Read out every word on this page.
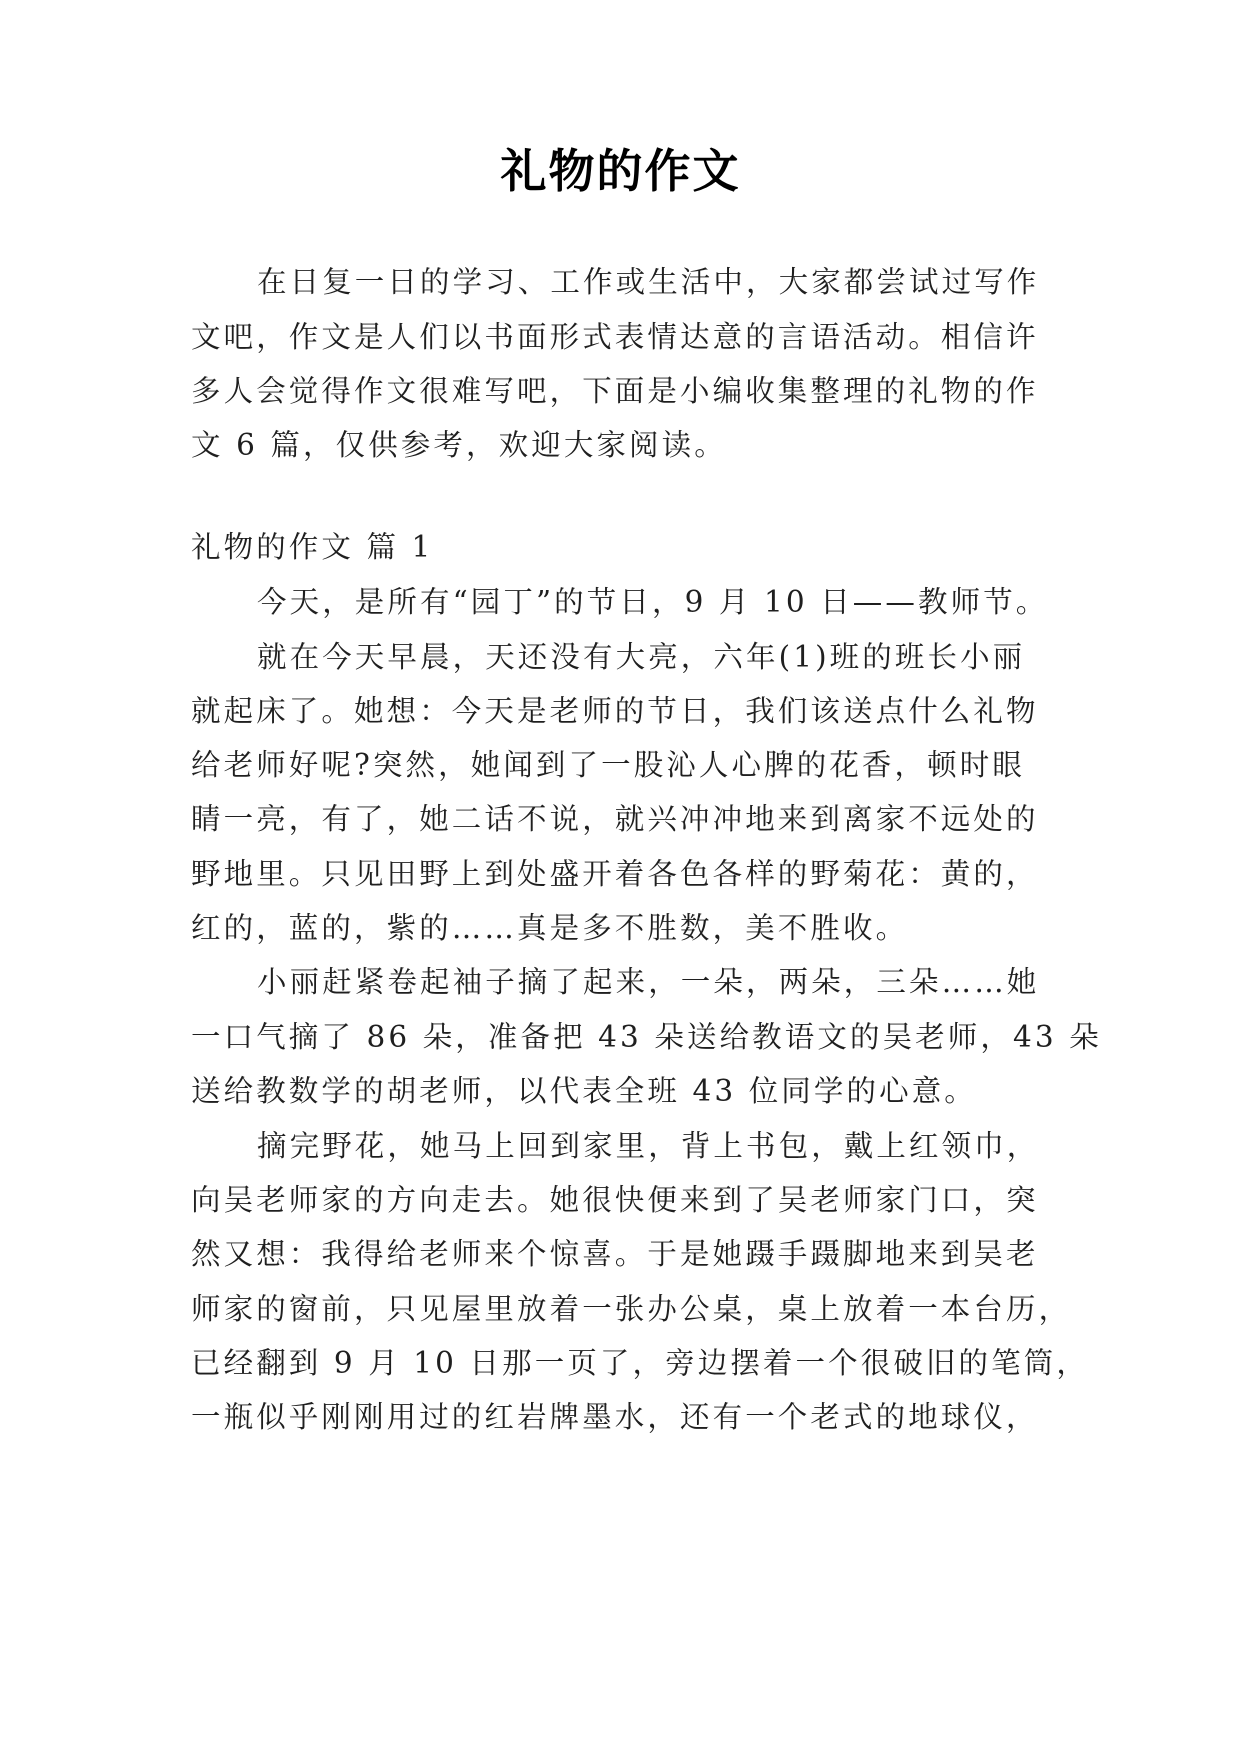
礼物的作文
在日复一日的学习、工作或生活中，大家都尝试过写作
文吧，作文是人们以书面形式表情达意的言语活动。相信许
多人会觉得作文很难写吧，下面是小编收集整理的礼物的作
文 6 篇，仅供参考，欢迎大家阅读。
礼物的作文 篇 1
今天，是所有“园丁”的节日，9 月 10 日——教师节。
就在今天早晨，天还没有大亮，六年(1)班的班长小丽
就起床了。她想：今天是老师的节日，我们该送点什么礼物
给老师好呢?突然，她闻到了一股沁人心脾的花香，顿时眼
睛一亮，有了，她二话不说，就兴冲冲地来到离家不远处的
野地里。只见田野上到处盛开着各色各样的野菊花：黄的，
红的，蓝的，紫的……真是多不胜数，美不胜收。
小丽赶紧卷起袖子摘了起来，一朵，两朵，三朵……她
一口气摘了 86 朵，准备把 43 朵送给教语文的吴老师，43 朵
送给教数学的胡老师，以代表全班 43 位同学的心意。
摘完野花，她马上回到家里，背上书包，戴上红领巾，
向吴老师家的方向走去。她很快便来到了吴老师家门口，突
然又想：我得给老师来个惊喜。于是她蹑手蹑脚地来到吴老
师家的窗前，只见屋里放着一张办公桌，桌上放着一本台历，
已经翻到 9 月 10 日那一页了，旁边摆着一个很破旧的笔筒，
一瓶似乎刚刚用过的红岩牌墨水，还有一个老式的地球仪，
